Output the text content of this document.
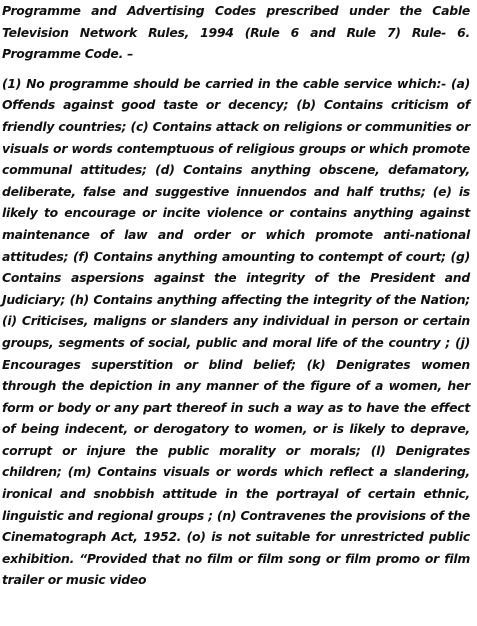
Programme and Advertising Codes prescribed under the Cable Television Network Rules, 1994 (Rule 6 and Rule 7) Rule- 6. Programme Code. –

(1) No programme should be carried in the cable service which:- (a) Offends against good taste or decency; (b) Contains criticism of friendly countries; (c) Contains attack on religions or communities or visuals or words contemptuous of religious groups or which promote communal attitudes; (d) Contains anything obscene, defamatory, deliberate, false and suggestive innuendos and half truths; (e) is likely to encourage or incite violence or contains anything against maintenance of law and order or which promote anti-national attitudes; (f) Contains anything amounting to contempt of court; (g) Contains aspersions against the integrity of the President and Judiciary; (h) Contains anything affecting the integrity of the Nation; (i) Criticises, maligns or slanders any individual in person or certain groups, segments of social, public and moral life of the country ; (j) Encourages superstition or blind belief; (k) Denigrates women through the depiction in any manner of the figure of a women, her form or body or any part thereof in such a way as to have the effect of being indecent, or derogatory to women, or is likely to deprave, corrupt or injure the public morality or morals; (l) Denigrates children; (m) Contains visuals or words which reflect a slandering, ironical and snobbish attitude in the portrayal of certain ethnic, linguistic and regional groups ; (n) Contravenes the provisions of the Cinematograph Act, 1952. (o) is not suitable for unrestricted public exhibition. “Provided that no film or film song or film promo or film trailer or music video
